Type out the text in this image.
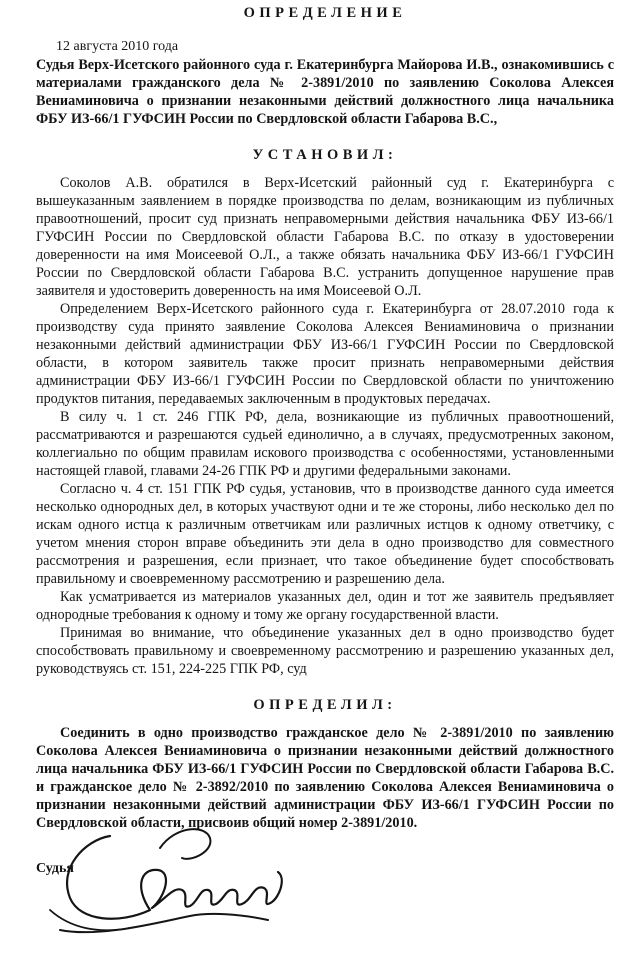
ОПРЕДЕЛЕНИЕ

12 августа 2010 года

Судья Верх-Исетского районного суда г. Екатеринбурга Майорова И.В., ознакомившись с материалами гражданского дела № 2-3891/2010 по заявлению Соколова Алексея Вениаминовича о признании незаконными действий должностного лица начальника ФБУ ИЗ-66/1 ГУФСИН России по Свердловской области Габарова В.С.,

УСТАНОВИЛ:

Соколов А.В. обратился в Верх-Исетский районный суд г. Екатеринбурга с вышеуказанным заявлением в порядке производства по делам, возникающим из публичных правоотношений, просит суд признать неправомерными действия начальника ФБУ ИЗ-66/1 ГУФСИН России по Свердловской области Габарова В.С. по отказу в удостоверении доверенности на имя Моисеевой О.Л., а также обязать начальника ФБУ ИЗ-66/1 ГУФСИН России по Свердловской области Габарова В.С. устранить допущенное нарушение прав заявителя и удостоверить доверенность на имя Моисеевой О.Л.

Определением Верх-Исетского районного суда г. Екатеринбурга от 28.07.2010 года к производству суда принято заявление Соколова Алексея Вениаминовича о признании незаконными действий администрации ФБУ ИЗ-66/1 ГУФСИН России по Свердловской области, в котором заявитель также просит признать неправомерными действия администрации ФБУ ИЗ-66/1 ГУФСИН России по Свердловской области по уничтожению продуктов питания, передаваемых заключенным в продуктовых передачах.

В силу ч. 1 ст. 246 ГПК РФ, дела, возникающие из публичных правоотношений, рассматриваются и разрешаются судьей единолично, а в случаях, предусмотренных законом, коллегиально по общим правилам искового производства с особенностями, установленными настоящей главой, главами 24-26 ГПК РФ и другими федеральными законами.

Согласно ч. 4 ст. 151 ГПК РФ судья, установив, что в производстве данного суда имеется несколько однородных дел, в которых участвуют одни и те же стороны, либо несколько дел по искам одного истца к различным ответчикам или различных истцов к одному ответчику, с учетом мнения сторон вправе объединить эти дела в одно производство для совместного рассмотрения и разрешения, если признает, что такое объединение будет способствовать правильному и своевременному рассмотрению и разрешению дела.

Как усматривается из материалов указанных дел, один и тот же заявитель предъявляет однородные требования к одному и тому же органу государственной власти.

Принимая во внимание, что объединение указанных дел в одно производство будет способствовать правильному и своевременному рассмотрению и разрешению указанных дел, руководствуясь ст. 151, 224-225 ГПК РФ, суд

ОПРЕДЕЛИЛ:

Соединить в одно производство гражданское дело № 2-3891/2010 по заявлению Соколова Алексея Вениаминовича о признании незаконными действий должностного лица начальника ФБУ ИЗ-66/1 ГУФСИН России по Свердловской области Габарова В.С. и гражданское дело № 2-3892/2010 по заявлению Соколова Алексея Вениаминовича о признании незаконными действий администрации ФБУ ИЗ-66/1 ГУФСИН России по Свердловской области, присвоив общий номер 2-3891/2010.

Судья
